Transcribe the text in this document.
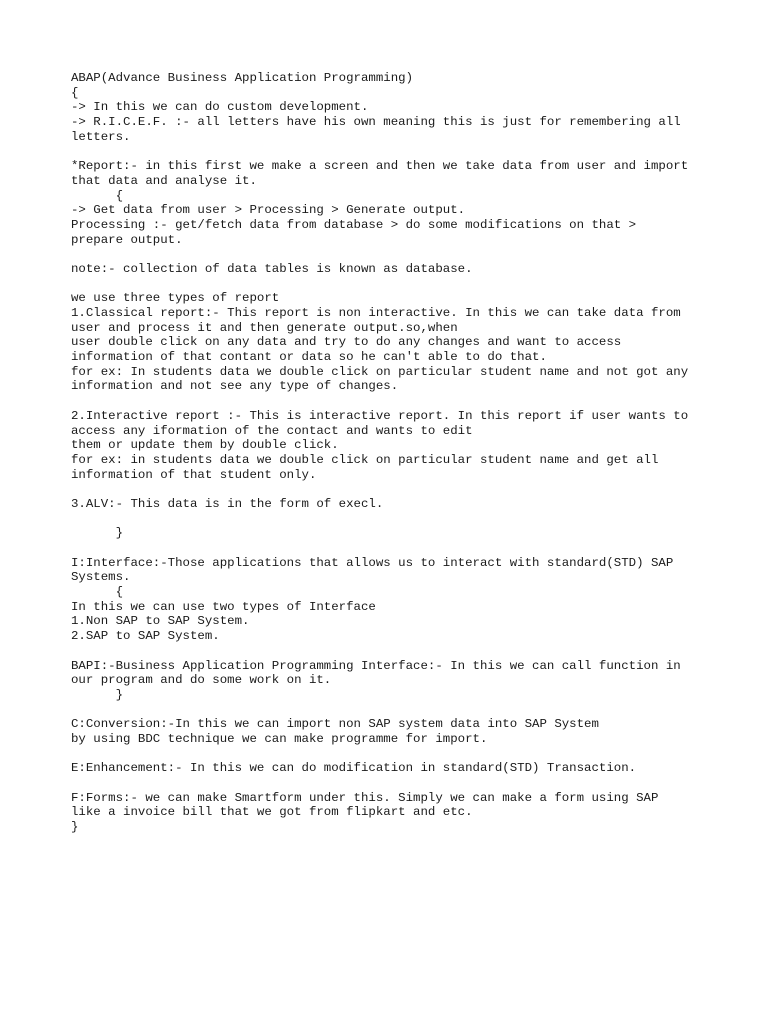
ABAP(Advance Business Application Programming)
{
-> In this we can do custom development.
-> R.I.C.E.F. :- all letters have his own meaning this is just for remembering all
letters.
*Report:- in this first we make a screen and then we take data from user and import
that data and analyse it.
{
-> Get data from user > Processing > Generate output.
Processing :- get/fetch data from database > do some modifications on that >
prepare output.
note:- collection of data tables is known as database.
we use three types of report
1.Classical report:- This report is non interactive. In this we can take data from
user and process it and then generate output.so,when
user double click on any data and try to do any changes and want to access
information of that contant or data so he can't able to do that.
for ex: In students data we double click on particular student name and not got any
information and not see any type of changes.
2.Interactive report :- This is interactive report. In this report if user wants to
access any iformation of the contact and wants to edit
them or update them by double click.
for ex: in students data we double click on particular student name and get all
information of that student only.
3.ALV:- This data is in the form of execl.
}
I:Interface:-Those applications that allows us to interact with standard(STD) SAP
Systems.
{
In this we can use two types of Interface
1.Non SAP to SAP System.
2.SAP to SAP System.
BAPI:-Business Application Programming Interface:- In this we can call function in
our program and do some work on it.
}
C:Conversion:-In this we can import non SAP system data into SAP System
by using BDC technique we can make programme for import.
E:Enhancement:- In this we can do modification in standard(STD) Transaction.
F:Forms:- we can make Smartform under this. Simply we can make a form using SAP
like a invoice bill that we got from flipkart and etc.
}
